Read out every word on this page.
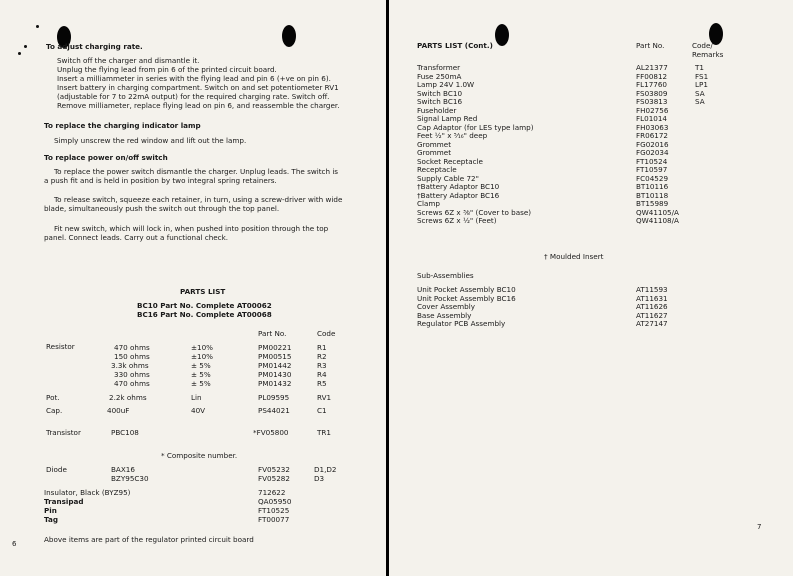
To adjust charging rate.
Switch off the charger and dismantle it.
Unplug the flying lead from pin 6 of the printed circuit board.
Insert a milliammeter in series with the flying lead and pin 6 (+ve on pin 6).
Insert battery in charging compartment. Switch on and set potentiometer RV1
(adjustable for 7 to 22mA output) for the required charging rate. Switch off.
Remove milliameter, replace flying lead on pin 6, and reassemble the charger.
To replace the charging indicator lamp
Simply unscrew the red window and lift out the lamp.
To replace power on/off switch
To replace the power switch dismantle the charger. Unplug leads. The switch is
a push fit and is held in position by two integral spring retainers.
To release switch, squeeze each retainer, in turn, using a screw-driver with wide
blade, simultaneously push the switch out through the top panel.
Fit new switch, which will lock in, when pushed into position through the top
panel. Connect leads. Carry out a functional check.
PARTS LIST
BC10 Part No. Complete AT00062
BC16 Part No. Complete AT00068
Part No.	Code
Resistor	470 ohms	±10%	PM00221	R1
150 ohms	±10%	PM00515	R2
3.3k ohms	± 5%	PM01442	R3
330 ohms	± 5%	PM01430	R4
470 ohms	± 5%	PM01432	R5
Pot.	2.2k ohms	Lin	PL09595	RV1
Cap.	400uF	40V	PS44021	C1
Transistor	PBC108	*FV05800	TR1
* Composite number.
Diode	BAX16	FV05232	D1,D2
BZY95C30	FV05282	D3
Insulator, Black (BYZ95)	712622
Transipad	QA05950
Pin	FT10525
Tag	FT00077
Above items are part of the regulator printed circuit board
6
PARTS LIST (Cont.)	Part No.	Code/
Remarks
Transformer	AL21377	T1
Fuse 250mA	FF00812	FS1
Lamp 24V 1.0W	FL17760	LP1
Switch BC10	FS03809	SA
Switch BC16	FS03813	SA
Fuseholder	FH02756
Signal Lamp Red	FL01014
Cap Adaptor (for LES type lamp)	FH03063
Feet ½" x ⁵⁄₁₆" deep	FR06172
Grommet	FG02016
Grommet	FG02034
Socket Receptacle	FT10524
Receptacle	FT10597
Supply Cable 72"	FC04529
†Battery Adaptor BC10	BT10116
†Battery Adaptor BC16	BT10118
Clamp	BT15989
Screws 6Z x ³⁄₈" (Cover to base)	QW41105/A
Screws 6Z x ½" (Feet)	QW41108/A
† Moulded Insert
Sub-Assemblies
Unit Pocket Assembly BC10	AT11593
Unit Pocket Assembly BC16	AT11631
Cover Assembly	AT11626
Base Assembly	AT11627
Regulator PCB Assembly	AT27147
7
